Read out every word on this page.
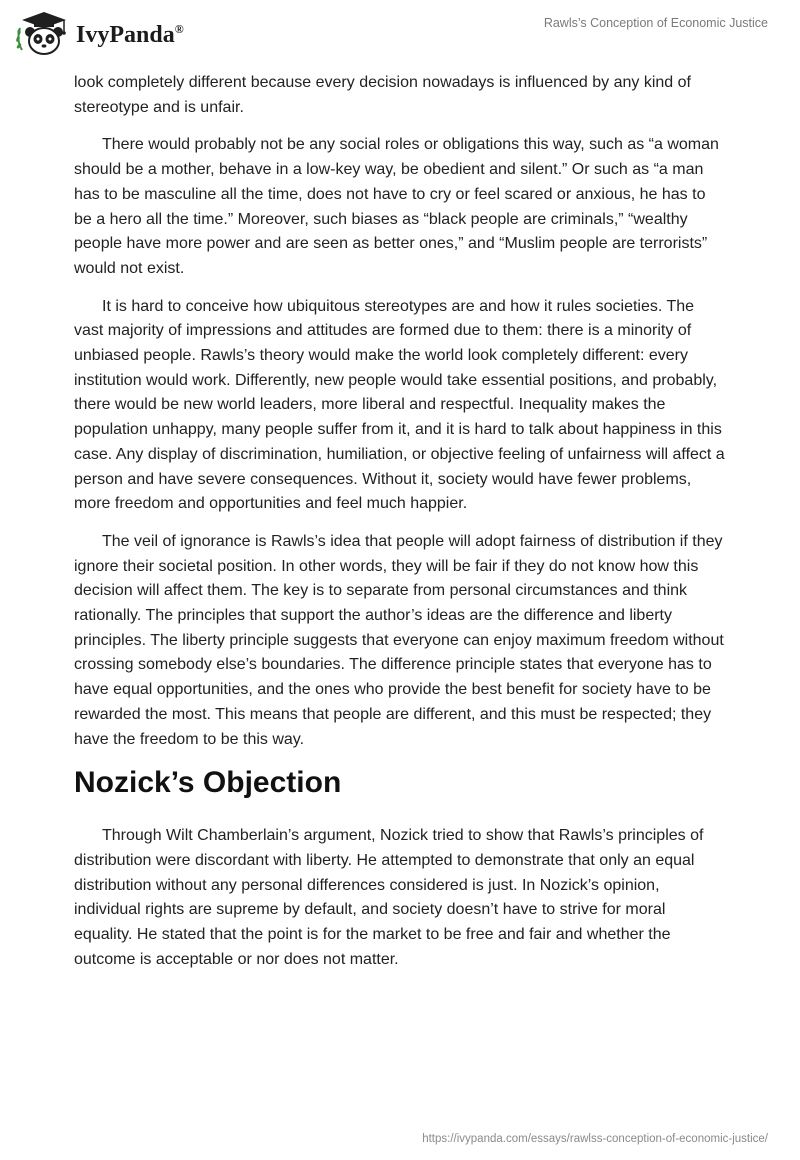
IvyPanda®	Rawls’s Conception of Economic Justice

look completely different because every decision nowadays is influenced by any kind of stereotype and is unfair.

There would probably not be any social roles or obligations this way, such as “a woman should be a mother, behave in a low-key way, be obedient and silent.” Or such as “a man has to be masculine all the time, does not have to cry or feel scared or anxious, he has to be a hero all the time.” Moreover, such biases as “black people are criminals,” “wealthy people have more power and are seen as better ones,” and “Muslim people are terrorists” would not exist.

It is hard to conceive how ubiquitous stereotypes are and how it rules societies. The vast majority of impressions and attitudes are formed due to them: there is a minority of unbiased people. Rawls’s theory would make the world look completely different: every institution would work. Differently, new people would take essential positions, and probably, there would be new world leaders, more liberal and respectful. Inequality makes the population unhappy, many people suffer from it, and it is hard to talk about happiness in this case. Any display of discrimination, humiliation, or objective feeling of unfairness will affect a person and have severe consequences. Without it, society would have fewer problems, more freedom and opportunities and feel much happier.

The veil of ignorance is Rawls’s idea that people will adopt fairness of distribution if they ignore their societal position. In other words, they will be fair if they do not know how this decision will affect them. The key is to separate from personal circumstances and think rationally. The principles that support the author’s ideas are the difference and liberty principles. The liberty principle suggests that everyone can enjoy maximum freedom without crossing somebody else’s boundaries. The difference principle states that everyone has to have equal opportunities, and the ones who provide the best benefit for society have to be rewarded the most. This means that people are different, and this must be respected; they have the freedom to be this way.

Nozick’s Objection

Through Wilt Chamberlain’s argument, Nozick tried to show that Rawls’s principles of distribution were discordant with liberty. He attempted to demonstrate that only an equal distribution without any personal differences considered is just. In Nozick’s opinion, individual rights are supreme by default, and society doesn’t have to strive for moral equality. He stated that the point is for the market to be free and fair and whether the outcome is acceptable or nor does not matter.

https://ivypanda.com/essays/rawlss-conception-of-economic-justice/
